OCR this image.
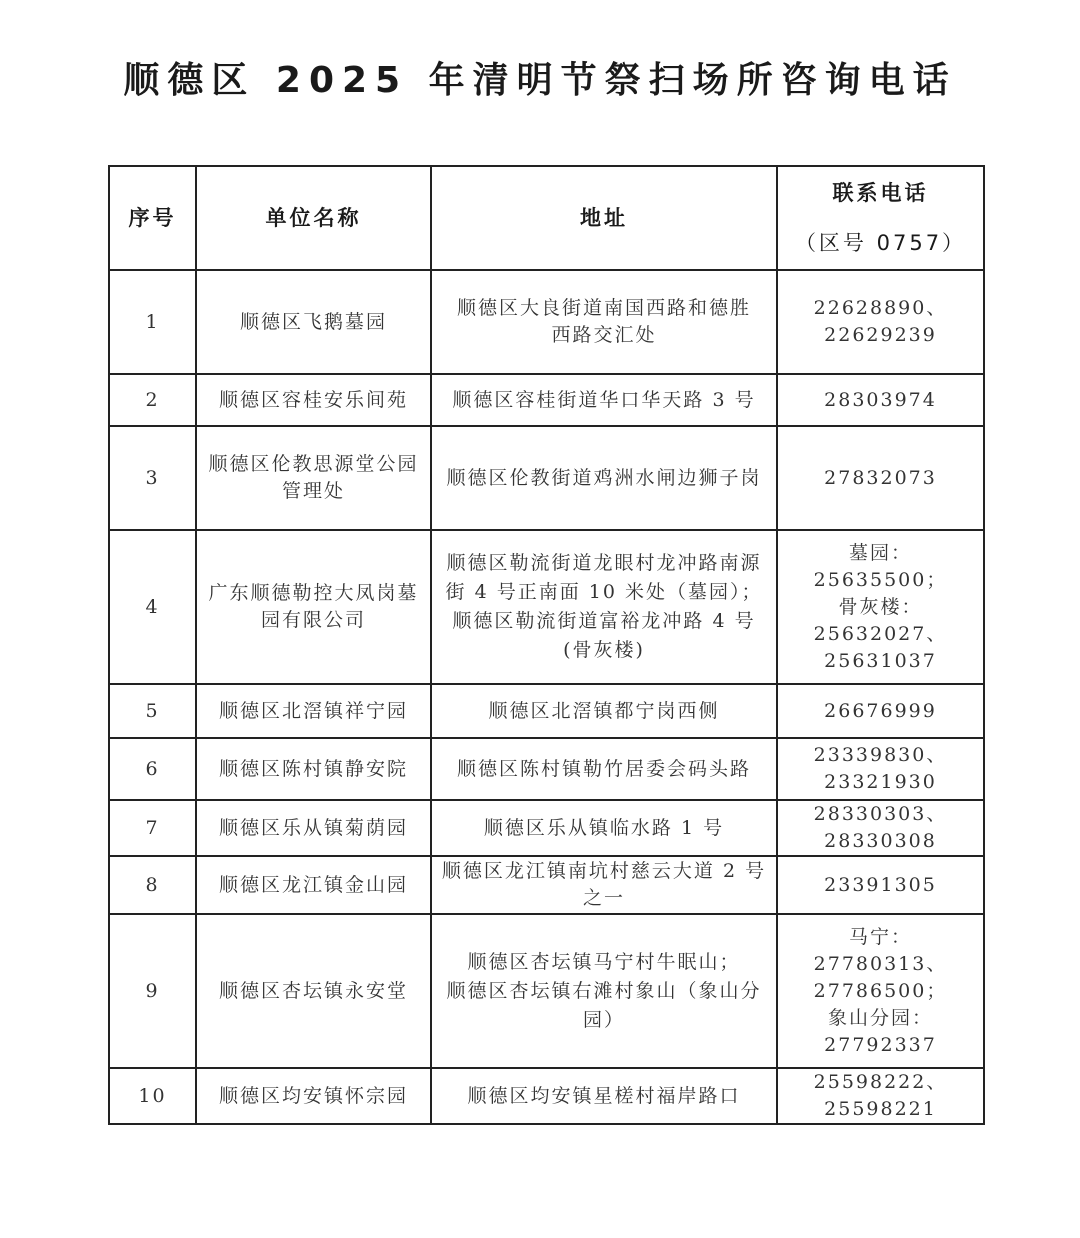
顺德区 2025 年清明节祭扫场所咨询电话
序号	单位名称	地址	联系电话
（区号 0757）

1	顺德区飞鹅墓园	顺德区大良街道南国西路和德胜
西路交汇处	22628890、
22629239

2	顺德区容桂安乐间苑	顺德区容桂街道华口华天路 3 号	28303974
3	顺德区伦教思源堂公园
管理处	顺德区伦教街道鸡洲水闸边狮子岗	27832073
4	广东顺德勒控大凤岗墓
园有限公司	顺德区勒流街道龙眼村龙冲路南源街 4 号正南面 10 米处（墓园）；
顺德区勒流街道富裕龙冲路 4 号(骨灰楼)	墓园：25635500；
骨灰楼：25632027、
25631037

5	顺德区北滘镇祥宁园	顺德区北滘镇都宁岗西侧	26676999
6	顺德区陈村镇静安院	顺德区陈村镇勒竹居委会码头路	23339830、23321930
7	顺德区乐从镇菊荫园	顺德区乐从镇临水路 1 号	28330303、28330308
8	顺德区龙江镇金山园	顺德区龙江镇南坑村慈云大道 2 号之一	23391305
9	顺德区杏坛镇永安堂	顺德区杏坛镇马宁村牛眠山；
顺德区杏坛镇右滩村象山（象山分园）	马宁：27780313、
27786500；
象山分园：27792337

10	顺德区均安镇怀宗园	顺德区均安镇星槎村福岸路口	25598222、25598221
